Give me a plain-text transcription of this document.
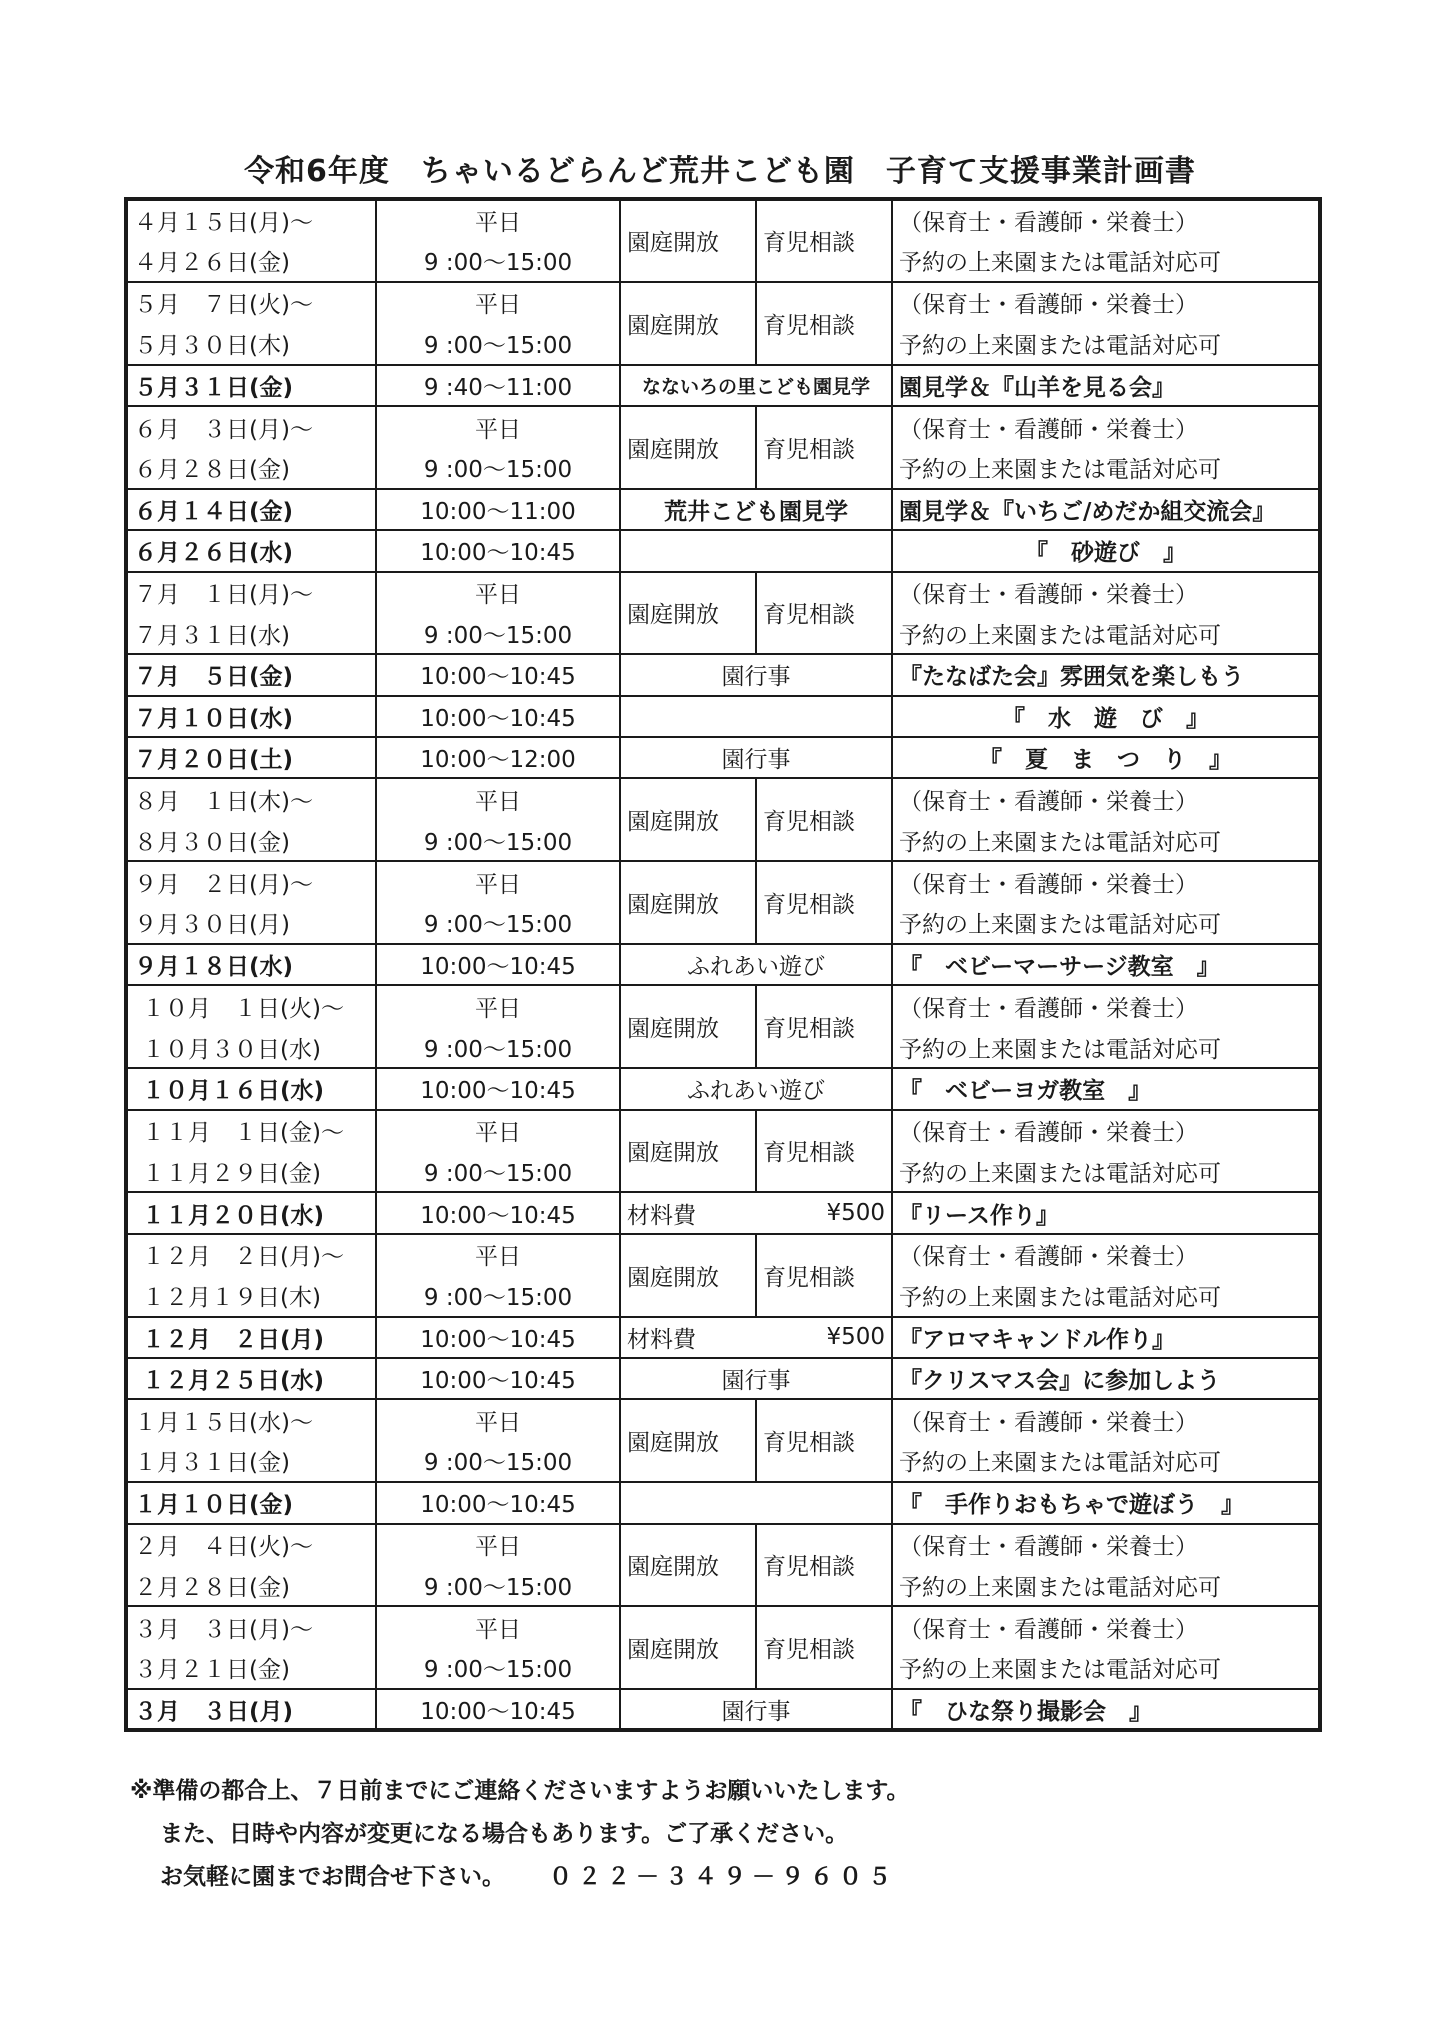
令和6年度　ちゃいるどらんど荒井こども園　子育て支援事業計画書
４月１５日(月)～	平日	園庭開放	育児相談	（保育士・看護師・栄養士）
４月２６日(金)	9 :00～15:00			予約の上来園または電話対応可
５月　７日(火)～	平日	園庭開放	育児相談	（保育士・看護師・栄養士）
５月３０日(木)	9 :00～15:00			予約の上来園または電話対応可
５月３１日(金)	9 :40～11:00	なないろの里こども園見学		園見学＆『山羊を見る会』
６月　３日(月)～	平日	園庭開放	育児相談	（保育士・看護師・栄養士）
６月２８日(金)	9 :00～15:00			予約の上来園または電話対応可
６月１４日(金)	10:00～11:00	荒井こども園見学		園見学＆『いちご/めだか組交流会』
６月２６日(水)	10:00～10:45			『　砂遊び　』
７月　１日(月)～	平日	園庭開放	育児相談	（保育士・看護師・栄養士）
７月３１日(水)	9 :00～15:00			予約の上来園または電話対応可
７月　５日(金)	10:00～10:45	園行事		『たなばた会』雰囲気を楽しもう
７月１０日(水)	10:00～10:45			『　水　遊　び　』
７月２０日(土)	10:00～12:00	園行事		『　夏　ま　つ　り　』
８月　１日(木)～	平日	園庭開放	育児相談	（保育士・看護師・栄養士）
８月３０日(金)	9 :00～15:00			予約の上来園または電話対応可
９月　２日(月)～	平日	園庭開放	育児相談	（保育士・看護師・栄養士）
９月３０日(月)	9 :00～15:00			予約の上来園または電話対応可
９月１８日(水)	10:00～10:45	ふれあい遊び		『　ベビーマーサージ教室　』
１０月　１日(火)～	平日	園庭開放	育児相談	（保育士・看護師・栄養士）
１０月３０日(水)	9 :00～15:00			予約の上来園または電話対応可
１０月１６日(水)	10:00～10:45	ふれあい遊び		『　ベビーヨガ教室　』
１１月　１日(金)～	平日	園庭開放	育児相談	（保育士・看護師・栄養士）
１１月２９日(金)	9 :00～15:00			予約の上来園または電話対応可
１１月２０日(水)	10:00～10:45	材料費	¥500	『リース作り』
１２月　２日(月)～	平日	園庭開放	育児相談	（保育士・看護師・栄養士）
１２月１９日(木)	9 :00～15:00			予約の上来園または電話対応可
１２月　２日(月)	10:00～10:45	材料費	¥500	『アロマキャンドル作り』
１２月２５日(水)	10:00～10:45	園行事		『クリスマス会』に参加しよう
１月１５日(水)～	平日	園庭開放	育児相談	（保育士・看護師・栄養士）
１月３１日(金)	9 :00～15:00			予約の上来園または電話対応可
１月１０日(金)	10:00～10:45			『　手作りおもちゃで遊ぼう　』
２月　４日(火)～	平日	園庭開放	育児相談	（保育士・看護師・栄養士）
２月２８日(金)	9 :00～15:00			予約の上来園または電話対応可
３月　３日(月)～	平日	園庭開放	育児相談	（保育士・看護師・栄養士）
３月２１日(金)	9 :00～15:00			予約の上来園または電話対応可
３月　３日(月)	10:00～10:45	園行事		『　ひな祭り撮影会　』
※準備の都合上、７日前までにご連絡くださいますようお願いいたします。
また、日時や内容が変更になる場合もあります。ご了承ください。
お気軽に園までお問合せ下さい。 ０２２－３４９－９６０５
